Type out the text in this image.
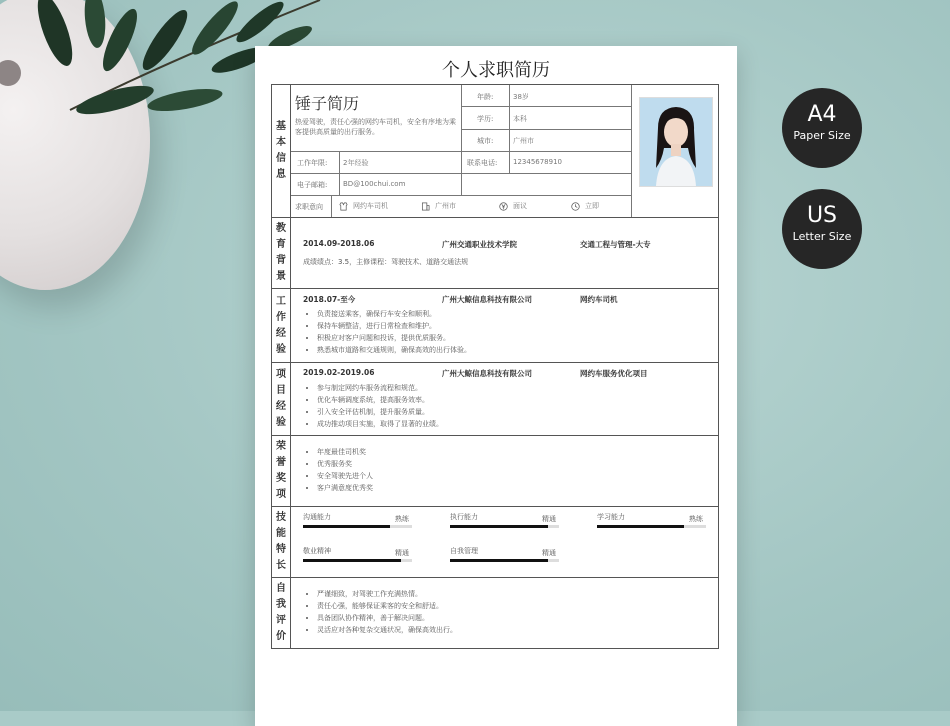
A4
Paper Size
US
Letter Size
个人求职简历
基
本
信
息
锤子简历
热爱驾驶，责任心强的网约车司机，安全有序地为乘客提供高质量的出行服务。
年龄:	38岁
学历:	本科
城市:	广州市
工作年限: 2年经验	联系电话: 12345678910
电子邮箱: BD@100chui.com
求职意向	网约车司机	广州市	面议	立即
教
育
背
景
2014.09-2018.06	广州交通职业技术学院	交通工程与管理-大专
成绩绩点：3.5，主修课程：驾驶技术、道路交通法规
工
作
经
验
2018.07-至今	广州大鲸信息科技有限公司	网约车司机
• 负责接送乘客，确保行车安全和顺利。
• 保持车辆整洁，进行日常检查和维护。
• 积极应对客户问题和投诉，提供优质服务。
• 熟悉城市道路和交通规则，确保高效的出行体验。
项
目
经
验
2019.02-2019.06	广州大鲸信息科技有限公司	网约车服务优化项目
• 参与制定网约车服务流程和规范。
• 优化车辆调度系统，提高服务效率。
• 引入安全评估机制，提升服务质量。
• 成功推动项目实施，取得了显著的业绩。
荣
誉
奖
项
• 年度最佳司机奖
• 优秀服务奖
• 安全驾驶先进个人
• 客户满意度优秀奖
技
能
特
长
沟通能力	熟练	执行能力	精通	学习能力	熟练
敬业精神	精通	自我管理	精通
自
我
评
价
• 严谨细致，对驾驶工作充满热情。
• 责任心强，能够保证乘客的安全和舒适。
• 具备团队协作精神，善于解决问题。
• 灵活应对各种复杂交通状况，确保高效出行。
